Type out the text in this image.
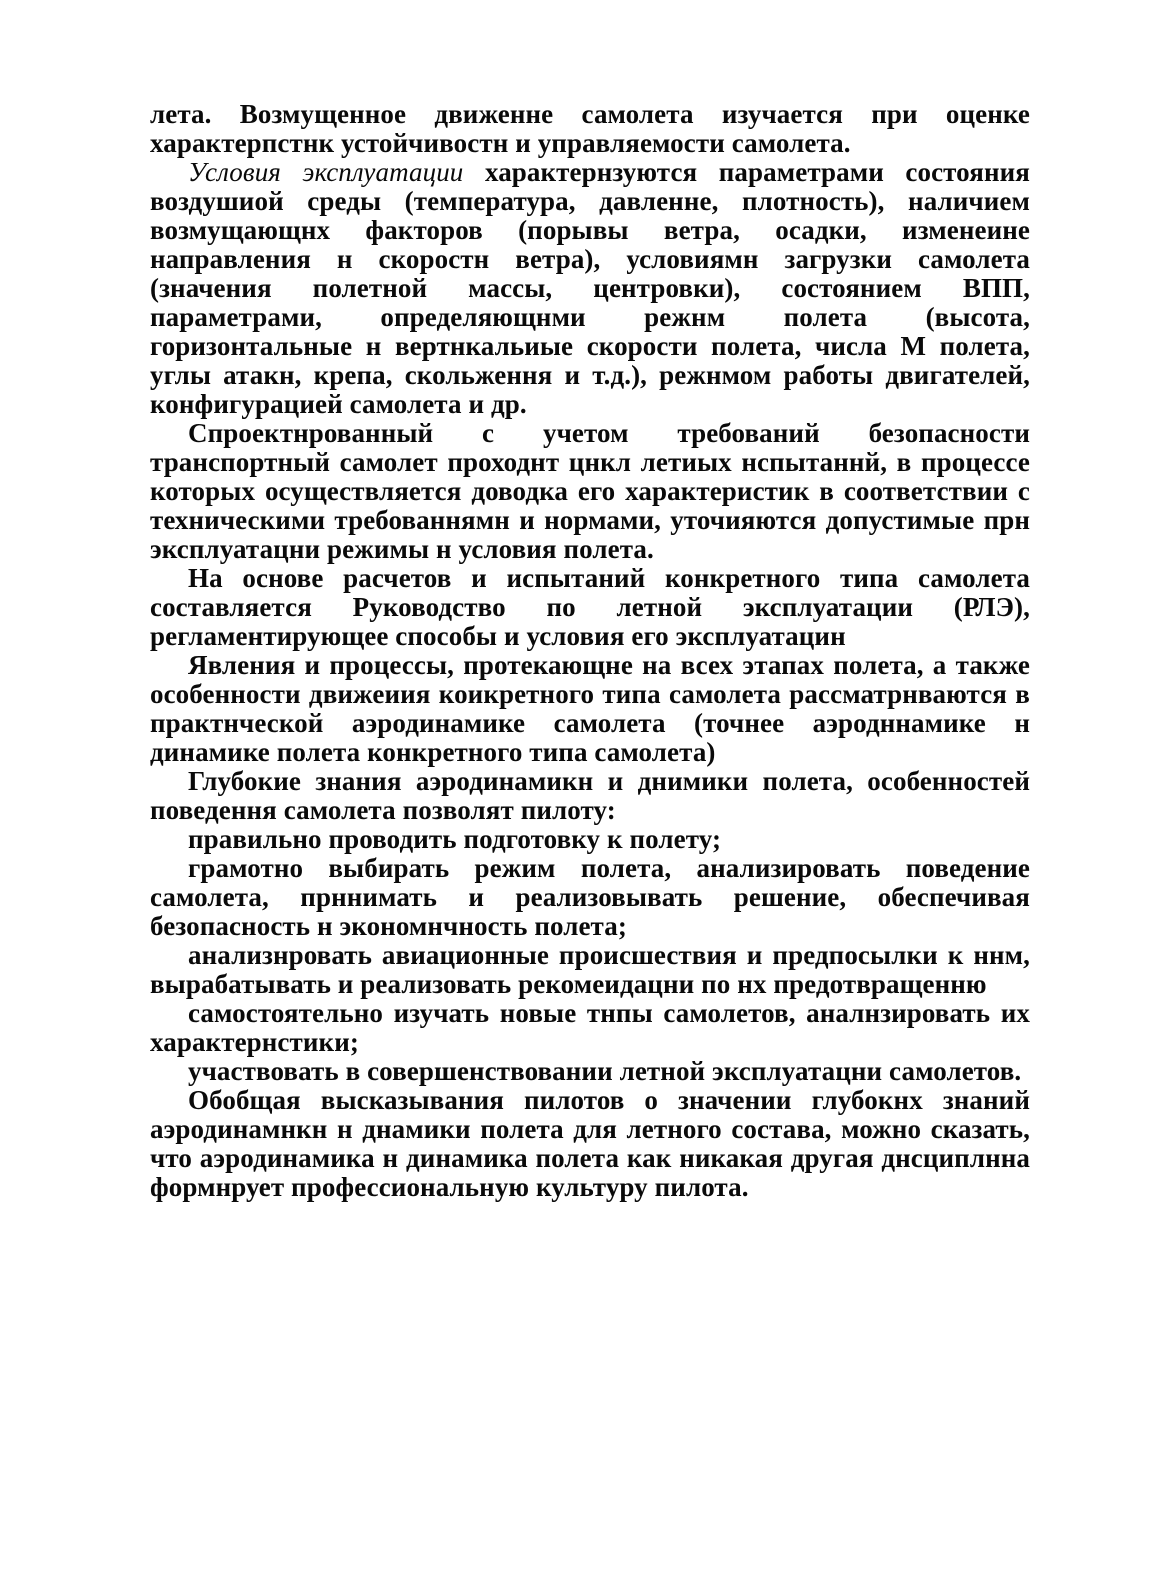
лета. Возмущенное движенне самолета изучается при оценке характерпстнк устойчивостн и управляемости самолета.

Условия эксплуатации характернзуются параметрами состояния воздушиой среды (температура, давленне, плотность), наличием возмущающнх факторов (порывы ветра, осадки, изменеине направления н скоростн ветра), условиямн загрузки самолета (значения полетной массы, центровки), состоянием ВПП, параметрами, определяющнми режнм полета (высота, горизонтальные н вертнкальиые скорости полета, числа М полета, углы атакн, крепа, скольження и т.д.), режнмом работы двигателей, конфигурацией самолета и др.

Спроектнрованный с учетом требований безопасности транспортный самолет проходнт цнкл летиых нспытаннй, в процессе которых осуществляется доводка его характеристик в соответствии с техническими требованнямн и нормами, уточияются допустимые прн эксплуатацни режимы н условия полета.

На основе расчетов и испытаний конкретного типа самолета составляется Руководство по летной эксплуатации (РЛЭ), регламентирующее способы и условия его эксплуатацин

Явления и процессы, протекающне на всех этапах полета, а также особенности движеиия коикретного типа самолета рассматрнваются в практнческой аэродинамике самолета (точнее аэродннамике н динамике полета конкретного типа самолета)

Глубокие знания аэродинамикн и днимики полета, особенностей поведення самолета позволят пилоту:

правильно проводить подготовку к полету;

грамотно выбирать режим полета, анализировать поведение самолета, прннимать и реализовывать решение, обеспечивая безопасность н экономнчность полета;

анализнровать авиационные происшествия и предпосылки к ннм, вырабатывать и реализовать рекомеидацни по нх предотвращенню

самостоятельно изучать новые тнпы самолетов, аналнзировать их характернстики;

участвовать в совершенствовании летной эксплуатацни самолетов.

Обобщая высказывания пилотов о значении глубокнх знаний аэродинамнкн н днамики полета для летного состава, можно сказать, что аэродинамика н динамика полета как никакая другая днсциплнна формнрует профессиональную культуру пилота.
